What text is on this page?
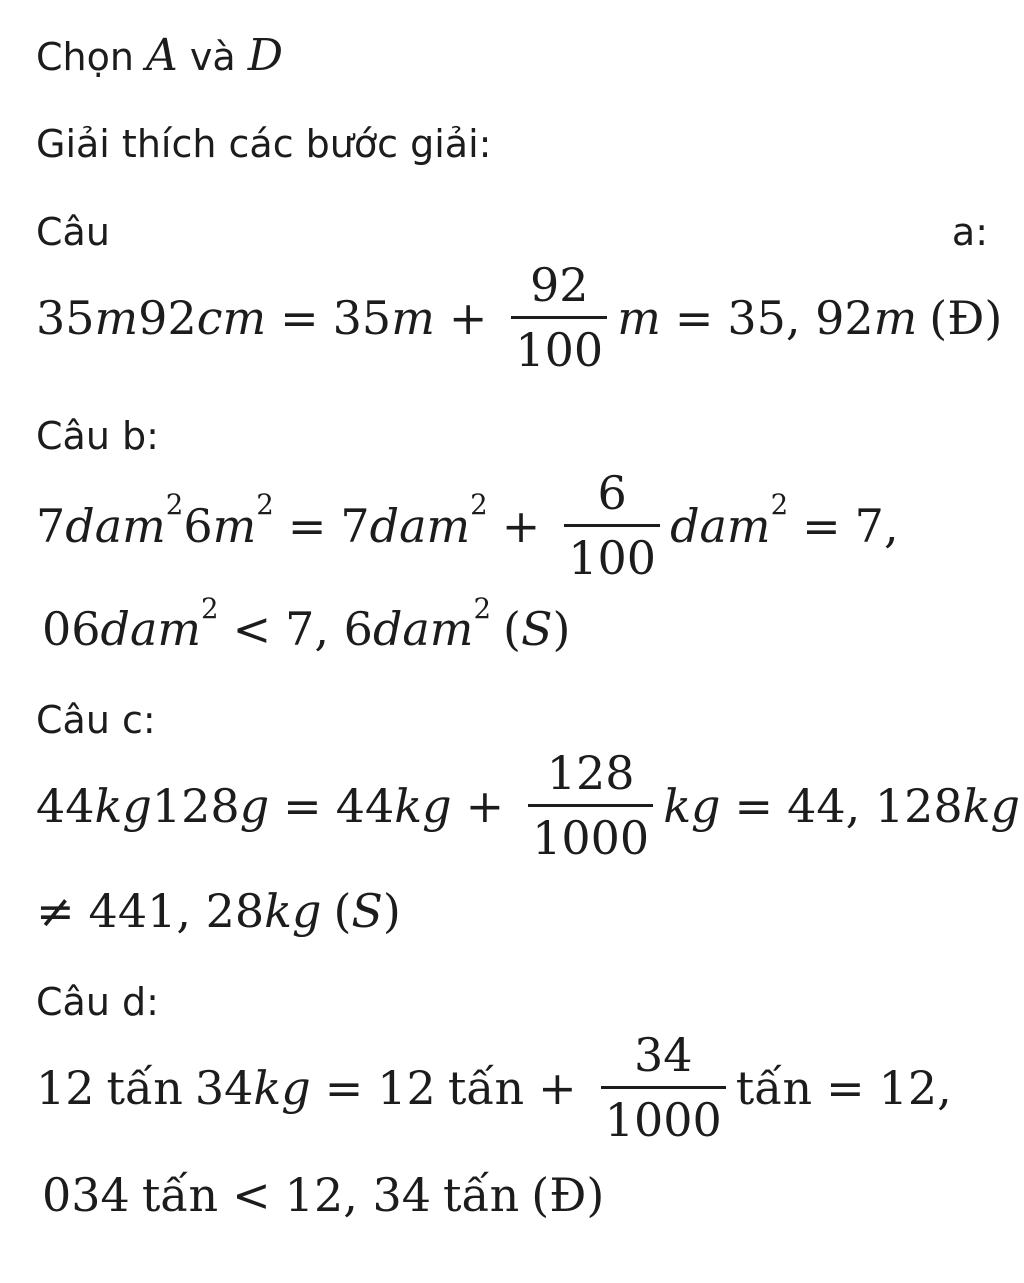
Chọn A và D
Giải thích các bước giải:
Câu	a:
35 m 92 cm = 35 $m + \frac{92}{100}$ m = 35, 92 m (Đ)
Câu b:
7 dam$^2$ 6 $m^2 = 7$ $dam^2 + \frac{6}{100} dam^2 = 7$,
06 dam$^2$ < 7, 6 dam$^2$ ( S )
Câu c:
44 kg 128 g = 44 kg + $\frac{128}{1000}$ kg = 44, 128 kg
≠ 441, 28 kg ( S )
Câu d:
12 tấn 34 kg = 12 tấn + $\frac{34}{1000}$ tấn = 12,
034 tấn < 12, 34 tấn (Đ)
